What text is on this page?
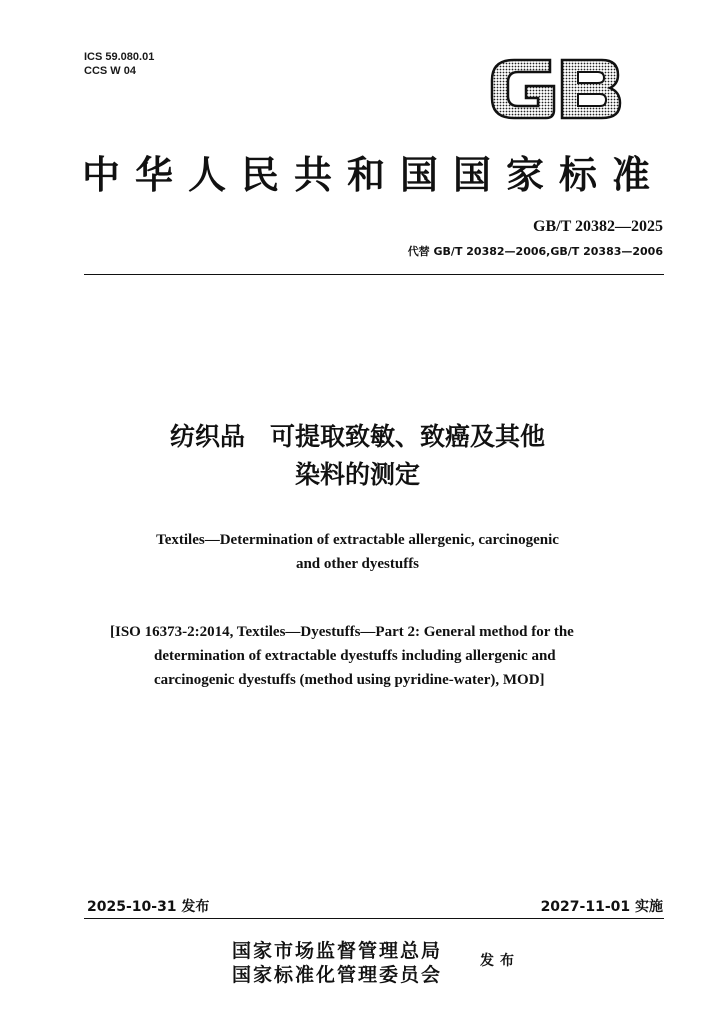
ICS 59.080.01
CCS W 04
中华人民共和国国家标准
GB/T 20382—2025
代替 GB/T 20382—2006,GB/T 20383—2006
纺织品　可提取致敏、致癌及其他
染料的测定
Textiles—Determination of extractable allergenic, carcinogenic
and other dyestuffs
[ISO 16373-2:2014, Textiles—Dyestuffs—Part 2: General method for the
determination of extractable dyestuffs including allergenic and
carcinogenic dyestuffs (method using pyridine-water), MOD]
2025-10-31 发布	2027-11-01 实施
国家市场监督管理总局
国家标准化管理委员会
发布
